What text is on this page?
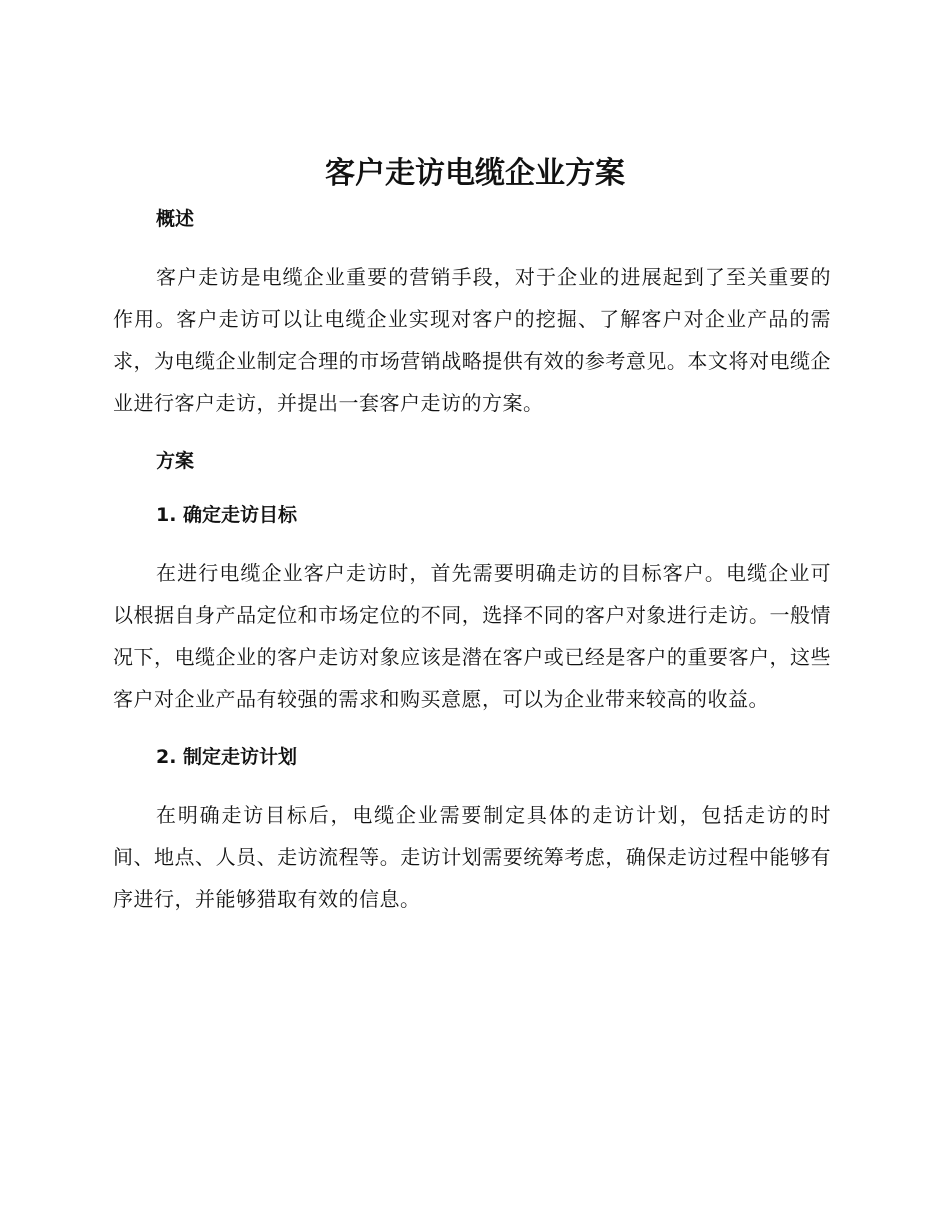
客户走访电缆企业方案
概述

客户走访是电缆企业重要的营销手段，对于企业的进展起到了至关重要的作用。客户走访可以让电缆企业实现对客户的挖掘、了解客户对企业产品的需求，为电缆企业制定合理的市场营销战略提供有效的参考意见。本文将对电缆企业进行客户走访，并提出一套客户走访的方案。

方案
1. 确定走访目标

在进行电缆企业客户走访时，首先需要明确走访的目标客户。电缆企业可以根据自身产品定位和市场定位的不同，选择不同的客户对象进行走访。一般情况下，电缆企业的客户走访对象应该是潜在客户或已经是客户的重要客户，这些客户对企业产品有较强的需求和购买意愿，可以为企业带来较高的收益。

2. 制定走访计划

在明确走访目标后，电缆企业需要制定具体的走访计划，包括走访的时间、地点、人员、走访流程等。走访计划需要统筹考虑，确保走访过程中能够有序进行，并能够猎取有效的信息。
